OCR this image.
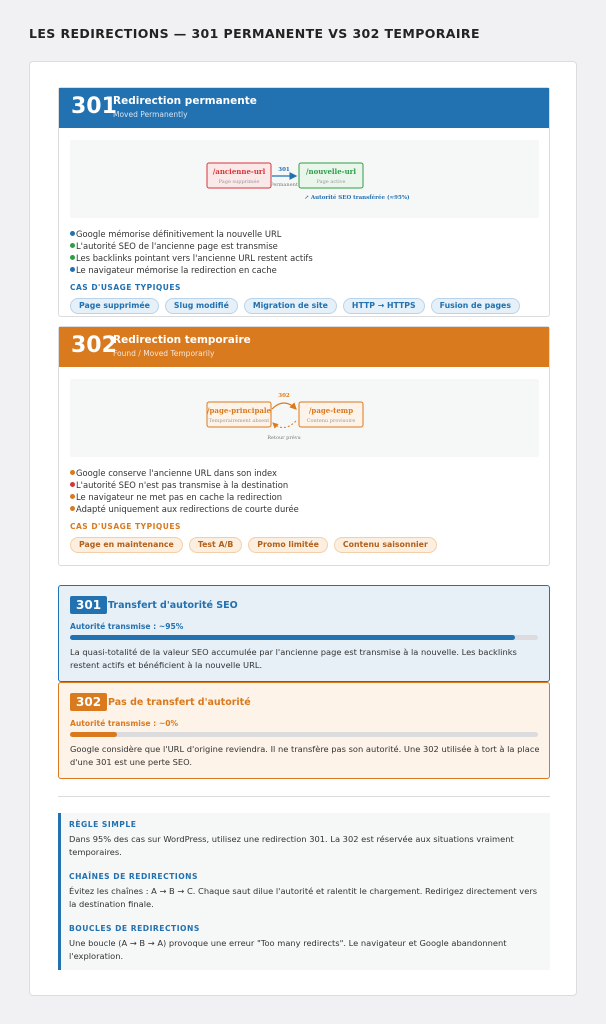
LES REDIRECTIONS — 301 PERMANENTE VS 302 TEMPORAIRE
301
Redirection permanente
Moved Permanently
/ancienne-url
Page supprimée
301
Permanent
/nouvelle-url
Page active
↗ Autorité SEO transférée (≈95%)
Google mémorise définitivement la nouvelle URL
L'autorité SEO de l'ancienne page est transmise
Les backlinks pointant vers l'ancienne URL restent actifs
Le navigateur mémorise la redirection en cache
CAS D'USAGE TYPIQUES
Page supprimée	Slug modifié	Migration de site	HTTP → HTTPS	Fusion de pages
302
Redirection temporaire
Found / Moved Temporarily
/page-principale
Temporairement absent
302
/page-temp
Contenu provisoire
Retour prévu
Google conserve l'ancienne URL dans son index
L'autorité SEO n'est pas transmise à la destination
Le navigateur ne met pas en cache la redirection
Adapté uniquement aux redirections de courte durée
CAS D'USAGE TYPIQUES
Page en maintenance	Test A/B	Promo limitée	Contenu saisonnier
301 Transfert d'autorité SEO
Autorité transmise : ~95%
La quasi-totalité de la valeur SEO accumulée par l'ancienne page est transmise à la nouvelle. Les backlinks restent actifs et bénéficient à la nouvelle URL.
302 Pas de transfert d'autorité
Autorité transmise : ~0%
Google considère que l'URL d'origine reviendra. Il ne transfère pas son autorité. Une 302 utilisée à tort à la place d'une 301 est une perte SEO.
RÈGLE SIMPLE
Dans 95% des cas sur WordPress, utilisez une redirection 301. La 302 est réservée aux situations vraiment temporaires.
CHAÎNES DE REDIRECTIONS
Évitez les chaînes : A → B → C. Chaque saut dilue l'autorité et ralentit le chargement. Redirigez directement vers la destination finale.
BOUCLES DE REDIRECTIONS
Une boucle (A → B → A) provoque une erreur "Too many redirects". Le navigateur et Google abandonnent l'exploration.
